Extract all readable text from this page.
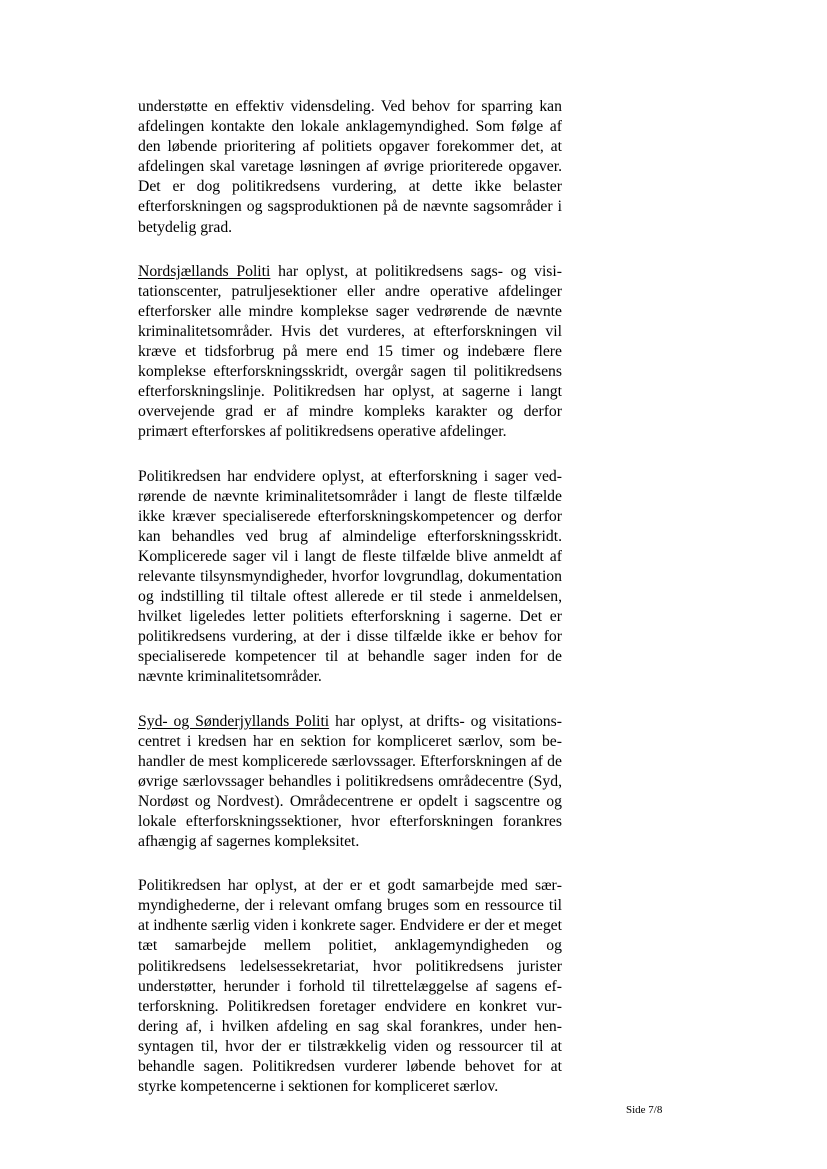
understøtte en effektiv vidensdeling. Ved behov for sparring kan afdelingen kontakte den lokale anklagemyndighed. Som følge af den løbende prioritering af politiets opgaver forekommer det, at afdelingen skal varetage løsningen af øvrige prioriterede opgaver. Det er dog politikredsens vurdering, at dette ikke belaster efterforskningen og sagsproduktionen på de nævnte sagsområder i betydelig grad.

Nordsjællands Politi har oplyst, at politikredsens sags- og visitationscenter, patruljesektioner eller andre operative afdelinger efterforsker alle mindre komplekse sager vedrørende de nævnte kriminalitetsområder. Hvis det vurderes, at efterforskningen vil kræve et tidsforbrug på mere end 15 timer og indebære flere komplekse efterforskningsskridt, overgår sagen til politikredsens efterforskningslinje. Politikredsen har oplyst, at sagerne i langt overvejende grad er af mindre kompleks karakter og derfor primært efterforskes af politikredsens operative afdelinger.

Politikredsen har endvidere oplyst, at efterforskning i sager vedrørende de nævnte kriminalitetsområder i langt de fleste tilfælde ikke kræver specialiserede efterforskningskompetencer og derfor kan behandles ved brug af almindelige efterforskningsskridt. Komplicerede sager vil i langt de fleste tilfælde blive anmeldt af relevante tilsynsmyndigheder, hvorfor lovgrundlag, dokumentation og indstilling til tiltale oftest allerede er til stede i anmeldelsen, hvilket ligeledes letter politiets efterforskning i sagerne. Det er politikredsens vurdering, at der i disse tilfælde ikke er behov for specialiserede kompetencer til at behandle sager inden for de nævnte kriminalitetsområder.

Syd- og Sønderjyllands Politi har oplyst, at drifts- og visitationscentret i kredsen har en sektion for kompliceret særlov, som behandler de mest komplicerede særlovssager. Efterforskningen af de øvrige særlovssager behandles i politikredsens områdecentre (Syd, Nordøst og Nordvest). Områdecentrene er opdelt i sagscentre og lokale efterforskningssektioner, hvor efterforskningen forankres afhængig af sagernes kompleksitet.

Politikredsen har oplyst, at der er et godt samarbejde med særmyndighederne, der i relevant omfang bruges som en ressource til at indhente særlig viden i konkrete sager. Endvidere er der et meget tæt samarbejde mellem politiet, anklagemyndigheden og politikredsens ledelsessekretariat, hvor politikredsens jurister understøtter, herunder i forhold til tilrettelæggelse af sagens efterforskning. Politikredsen foretager endvidere en konkret vurdering af, i hvilken afdeling en sag skal forankres, under hensyntagen til, hvor der er tilstrækkelig viden og ressourcer til at behandle sagen. Politikredsen vurderer løbende behovet for at styrke kompetencerne i sektionen for kompliceret særlov.

Side 7/8
